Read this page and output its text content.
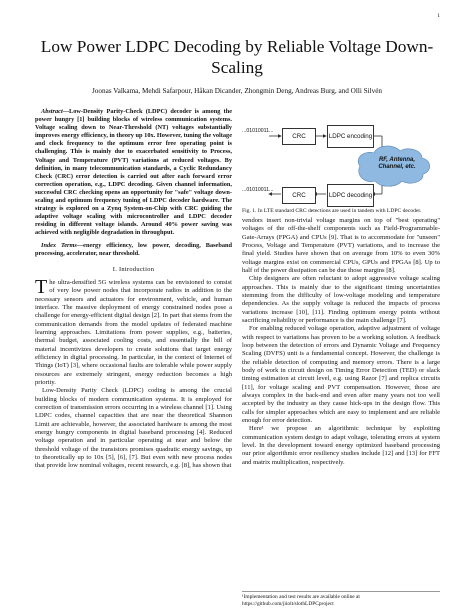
1
Low Power LDPC Decoding by Reliable Voltage Down-Scaling
Joonas Valkama, Mehdi Safarpour, Håkan Dicander, Zhongmin Deng, Andreas Burg, and Olli Silvén

Abstract—Low-Density Parity-Check (LDPC) decoder is among the power hungry [1] building blocks of wireless communication systems. Voltage scaling down to Near-Threshold (NT) voltages substantially improves energy efficiency, in theory up 10x. However, tuning the voltage and clock frequency to the optimum error free operating point is challenging. This is mainly due to exacerbated sensitivity to Process, Voltage and Temperature (PVT) variations at reduced voltages. By definition, in many telecommunication standards, a Cyclic Redundancy Check (CRC) error detection is carried out after each forward error correction operation, e.g., LDPC decoding. Given channel information, successful CRC checking opens an opportunity for "safe" voltage down-scaling and optimum frequency tuning of LDPC decoder hardware. The strategy is explored on a Zynq System-on-Chip with CRC guiding the adaptive voltage scaling with microcontroller and LDPC decoder residing in different voltage islands. Around 40% power saving was achieved with negligible degradation in throughput.

Index Terms—energy efficiency, low power, decoding, Baseband processing, accelerator, near threshold.

I. Introduction

The ultra-densified 5G wireless systems can be envisioned to consist of very low power nodes that incorporate radios in addition to the necessary sensors and actuators for environment, vehicle, and human interface. The massive deployment of energy constrained nodes pose a challenge for energy-efficient digital design [2]. In part that stems from the communication demands from the model updates of federated machine learning approaches. Limitations from power supplies, e.g., batteries, thermal budget, associated cooling costs, and essentially the bill of material incentivizes developers to create solutions that target energy efficiency in digital processing. In particular, in the context of Internet of Things (IoT) [3], where occasional faults are tolerable while power supply resources are extremely stringent, energy reduction becomes a high priority.

Low-Density Parity Check (LDPC) coding is among the crucial building blocks of modern communication systems. It is employed for correction of transmission errors occurring in a wireless channel [1]. Using LDPC codes, channel capacities that are near the theoretical Shannon Limit are achievable, however, the associated hardware is among the most energy hungry components in digital baseband processing [4]. Reduced voltage operation and in particular operating at near and below the threshold voltage of the transistors promises quadratic energy savings, up to theoretically up to 10x [5], [6], [7]. But even with new process nodes that provide low nominal voltages, recent research, e.g. [8], has shown that

...01010011...
CRC	LDPC encoding
RF, Antenna, Channel, etc.
LDPC decoding
CRC
...01010011...
Fig. 1. In LTE standard CRC detections are used in tandem with LDPC decoder.

vendors insert non-trivial voltage margins on top of "best operating" voltages of the off-the-shelf components such as Field-Programmable-Gate-Arrays (FPGA) and CPUs [9]. That is to accommodate for "unseen" Process, Voltage and Temperature (PVT) variations, and to increase the final yield. Studies have shown that on average from 10% to even 30% voltage margins exist on commercial CPUs, GPUs and FPGAs [8]. Up to half of the power dissipation can be due those margins [8].

Chip designers are often reluctant to adopt aggressive voltage scaling approaches. This is mainly due to the significant timing uncertainties stemming from the difficulty of low-voltage modeling and temperature dependencies. As the supply voltage is reduced the impacts of process variations increase [10], [11]. Finding optimum energy points without sacrificing reliability or performance is the main challenge [7].

For enabling reduced voltage operation, adaptive adjustment of voltage with respect to variations has proven to be a working solution. A feedback loop between the detection of errors and Dynamic Voltage and Frequency Scaling (DVFS) unit is a fundamental concept. However, the challenge is the reliable detection of computing and memory errors. There is a large body of work in circuit design on Timing Error Detection (TED) or slack timing estimation at circuit level, e.g. using Razor [7] and replica circuits [11], for voltage scaling and PVT compensation. However, those are always complex in the back-end and even after many years not too well accepted by the industry as they cause hick-ups in the design flow. This calls for simpler approaches which are easy to implement and are reliable enough for error detection.

Here¹ we propose an algorithmic technique by exploiting communication system design to adapt voltage, tolerating errors at system level. In the development toward energy optimized baseband processing our prior algorithmic error resiliency studies include [12] and [13] for FFT and matrix multiplication, respectively.

¹Implementation and test results are available online at https://github.com/jiiolt/slothLDPCproject
